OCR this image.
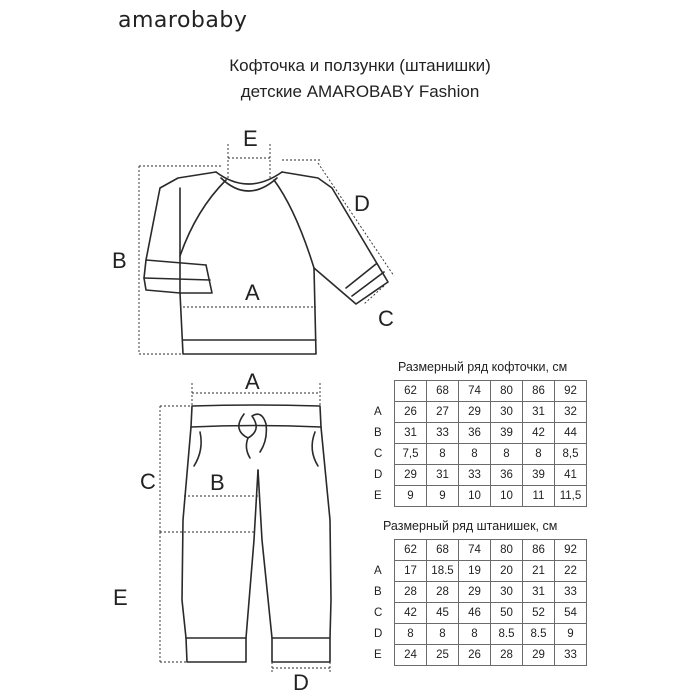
amarobaby
Кофточка и ползунки (штанишки)
детские AMAROBABY Fashion
E
D
B
A
C
A
B
C
E
D
Размерный ряд кофточки, см
	62	68	74	80	86	92
A	26	27	29	30	31	32
B	31	33	36	39	42	44
C	7,5	8	8	8	8	8,5
D	29	31	33	36	39	41
E	9	9	10	10	11	11,5
Размерный ряд штанишек, см
	62	68	74	80	86	92
A	17	18.5	19	20	21	22
B	28	28	29	30	31	33
C	42	45	46	50	52	54
D	8	8	8	8.5	8.5	9
E	24	25	26	28	29	33
